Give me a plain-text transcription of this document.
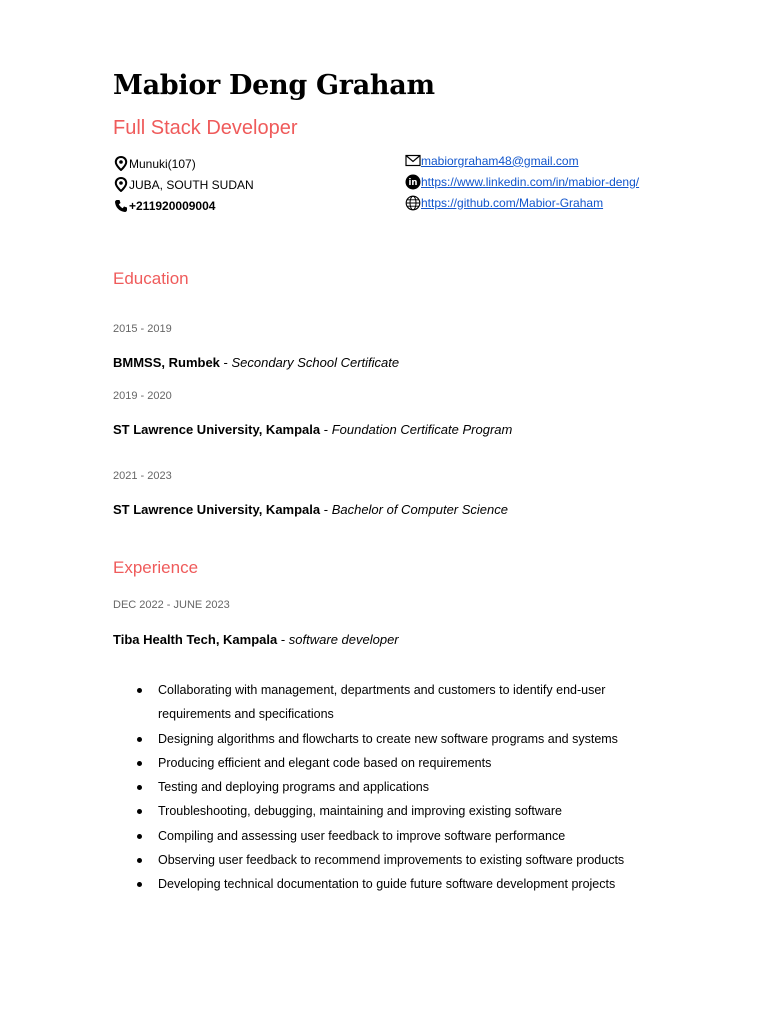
Mabior Deng Graham
Full Stack Developer
Munuki(107)
JUBA, SOUTH SUDAN
+211920009004
mabiorgraham48@gmail.com
in https://www.linkedin.com/in/mabior-deng/
https://github.com/Mabior-Graham
Education
2015 - 2019
BMMSS, Rumbek - Secondary School Certificate
2019 - 2020
ST Lawrence University, Kampala - Foundation Certificate Program
2021 - 2023
ST Lawrence University, Kampala - Bachelor of Computer Science
Experience
DEC 2022 - JUNE 2023
Tiba Health Tech, Kampala - software developer
Collaborating with management, departments and customers to identify end-user requirements and specifications
Designing algorithms and flowcharts to create new software programs and systems
Producing efficient and elegant code based on requirements
Testing and deploying programs and applications
Troubleshooting, debugging, maintaining and improving existing software
Compiling and assessing user feedback to improve software performance
Observing user feedback to recommend improvements to existing software products
Developing technical documentation to guide future software development projects
